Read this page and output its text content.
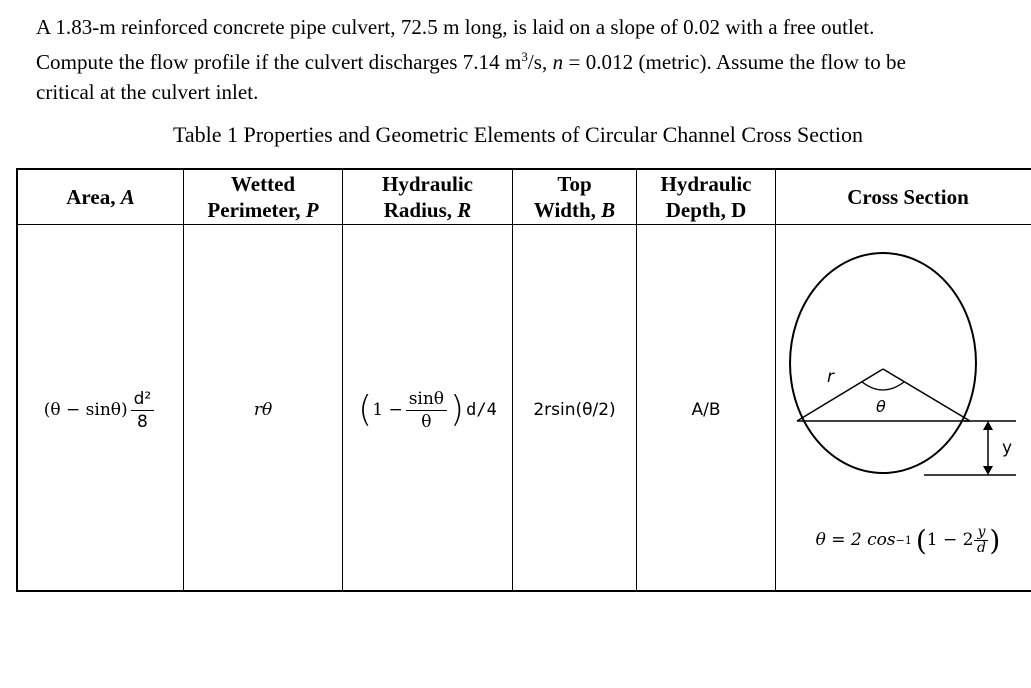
A 1.83-m reinforced concrete pipe culvert, 72.5 m long, is laid on a slope of 0.02 with a free outlet.
Compute the flow profile if the culvert discharges 7.14 $m^3/s$, n = 0.012 (metric). Assume the flow to be
critical at the culvert inlet.
Table 1 Properties and Geometric Elements of Circular Channel Cross Section
Area, A
Wetted
Perimeter, P
Hydraulic
Radius, R
Top
Width, B
Hydraulic
Depth, D
Cross Section
$(\theta - \sin\theta) \frac{\text{d²}}{8}$	rθ ( $1 - \frac{\sin\theta}{\theta}$ ) d/4 2rsin(θ/2)	A/B
r
θ
y
θ = 2 cos −1 ( $1 - 2 \frac{y}{d}$ )
